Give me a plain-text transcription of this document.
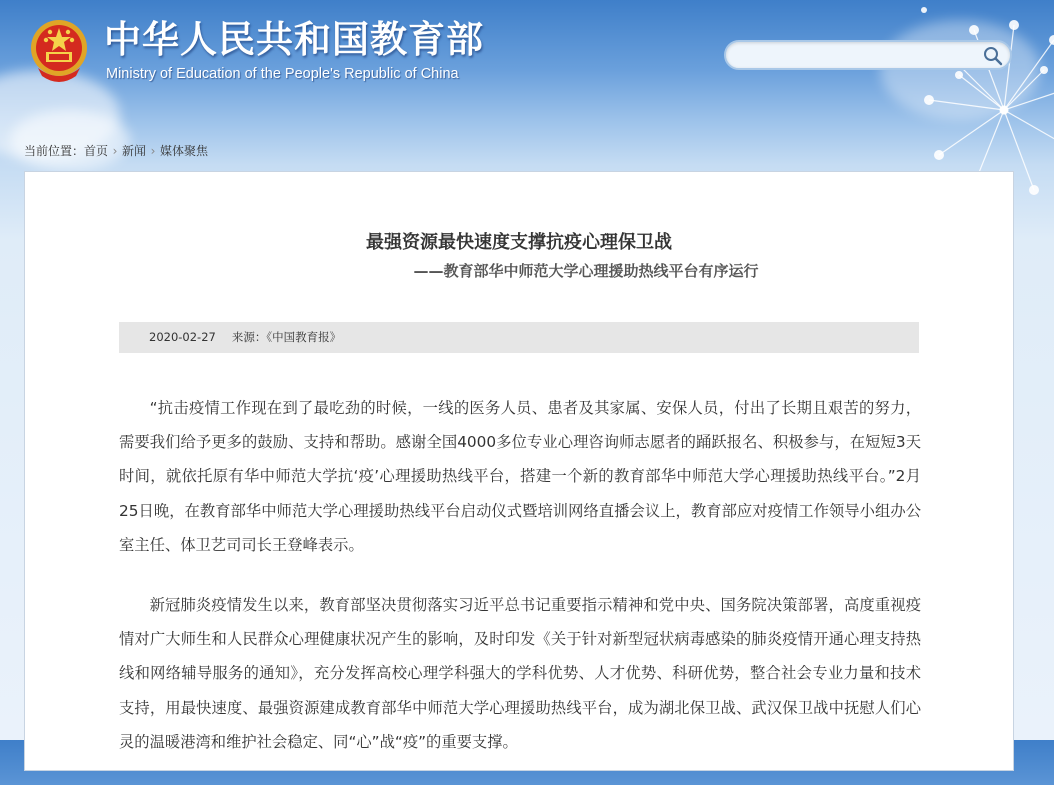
中华人民共和国教育部

Ministry of Education of the People's Republic of China

当前位置：首页 › 新闻 › 媒体聚焦
最强资源最快速度支撑抗疫心理保卫战
——教育部华中师范大学心理援助热线平台有序运行
2020-02-27 来源：《中国教育报》

“抗击疫情工作现在到了最吃劲的时候，一线的医务人员、患者及其家属、安保人员，付出了长期且艰苦的努力，需要我们给予更多的鼓励、支持和帮助。感谢全国4000多位专业心理咨询师志愿者的踊跃报名、积极参与，在短短3天时间，就依托原有华中师范大学抗‘疫’心理援助热线平台，搭建一个新的教育部华中师范大学心理援助热线平台。”2月25日晚，在教育部华中师范大学心理援助热线平台启动仪式暨培训网络直播会议上，教育部应对疫情工作领导小组办公室主任、体卫艺司司长王登峰表示。

新冠肺炎疫情发生以来，教育部坚决贯彻落实习近平总书记重要指示精神和党中央、国务院决策部署，高度重视疫情对广大师生和人民群众心理健康状况产生的影响，及时印发《关于针对新型冠状病毒感染的肺炎疫情开通心理支持热线和网络辅导服务的通知》，充分发挥高校心理学科强大的学科优势、人才优势、科研优势，整合社会专业力量和技术支持，用最快速度、最强资源建成教育部华中师范大学心理援助热线平台，成为湖北保卫战、武汉保卫战中抚慰人们心灵的温暖港湾和维护社会稳定、同“心”战“疫”的重要支撑。
